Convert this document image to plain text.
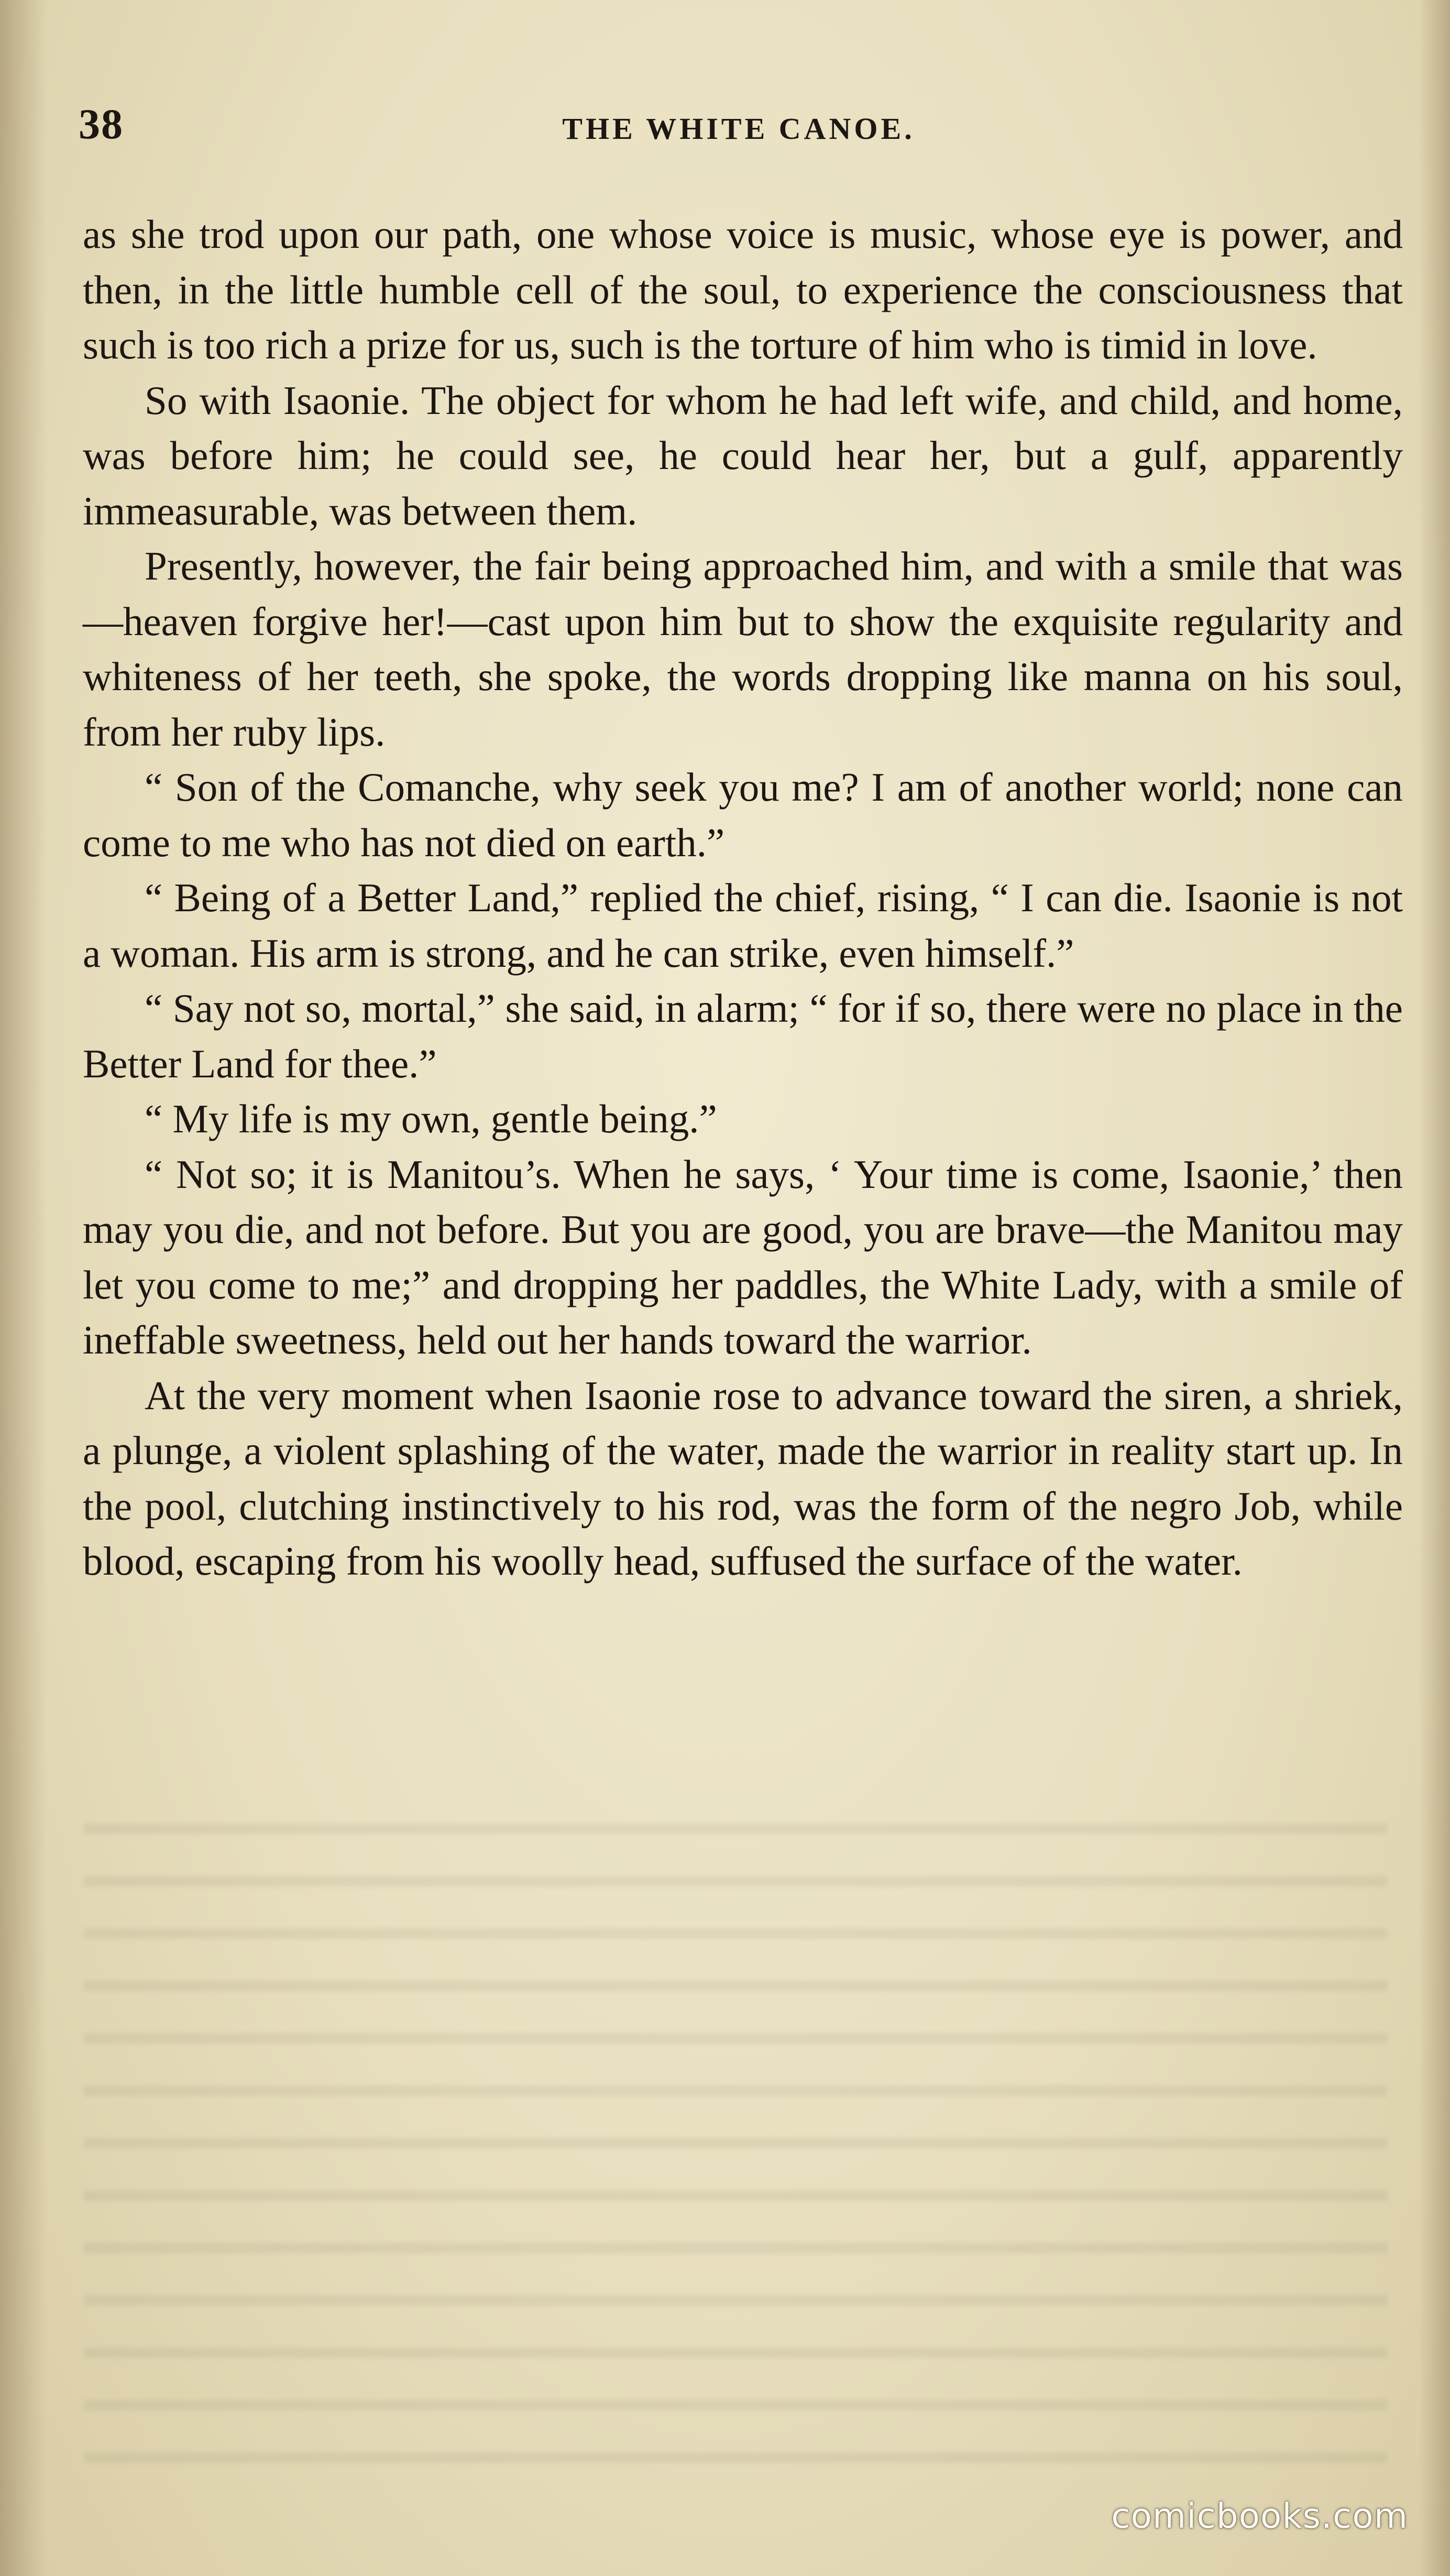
38	THE WHITE CANOE.

as she trod upon our path, one whose voice is music, whose eye is power, and then, in the little humble cell of the soul, to experience the consciousness that such is too rich a prize for us, such is the torture of him who is timid in love.

So with Isaonie. The object for whom he had left wife, and child, and home, was before him; he could see, he could hear her, but a gulf, apparently immeasurable, was between them.

Presently, however, the fair being approached him, and with a smile that was—heaven forgive her!—cast upon him but to show the exquisite regularity and whiteness of her teeth, she spoke, the words dropping like manna on his soul, from her ruby lips.

“ Son of the Comanche, why seek you me? I am of another world; none can come to me who has not died on earth.”

“ Being of a Better Land,” replied the chief, rising, “ I can die. Isaonie is not a woman. His arm is strong, and he can strike, even himself.”

“ Say not so, mortal,” she said, in alarm; “ for if so, there were no place in the Better Land for thee.”

“ My life is my own, gentle being.”

“ Not so; it is Manitou’s. When he says, ‘ Your time is come, Isaonie,’ then may you die, and not before. But you are good, you are brave—the Manitou may let you come to me;” and dropping her paddles, the White Lady, with a smile of ineffable sweetness, held out her hands toward the warrior.

At the very moment when Isaonie rose to advance toward the siren, a shriek, a plunge, a violent splashing of the water, made the warrior in reality start up. In the pool, clutching instinctively to his rod, was the form of the negro Job, while blood, escaping from his woolly head, suffused the surface of the water.

comicbooks.com
